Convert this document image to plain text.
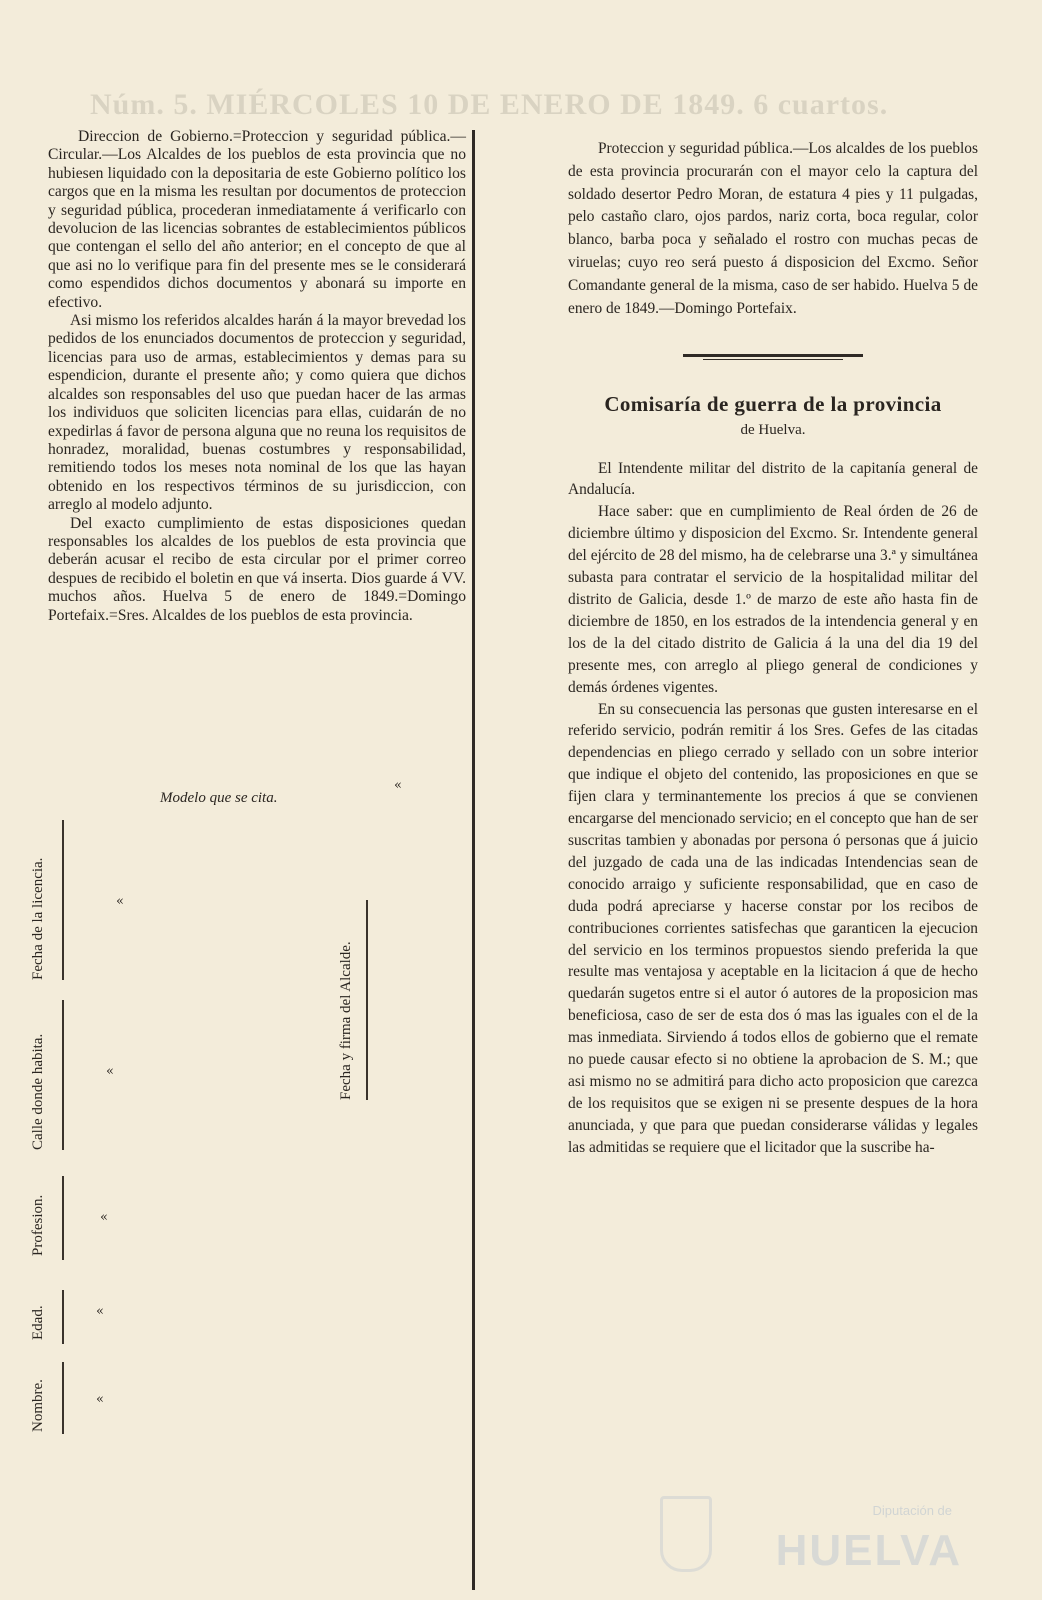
Núm. 5. MIÉRCOLES 10 DE ENERO DE 1849. 6 cuartos.

Direccion de Gobierno.=Proteccion y seguridad pública.—Circular.—Los Alcaldes de los pueblos de esta provincia que no hubiesen liquidado con la depositaria de este Gobierno político los cargos que en la misma les resultan por documentos de proteccion y seguridad pública, procederan inmediatamente á verificarlo con devolucion de las licencias sobrantes de establecimientos públicos que contengan el sello del año anterior; en el concepto de que al que asi no lo verifique para fin del presente mes se le considerará como espendidos dichos documentos y abonará su importe en efectivo.

Asi mismo los referidos alcaldes harán á la mayor brevedad los pedidos de los enunciados documentos de proteccion y seguridad, licencias para uso de armas, establecimientos y demas para su espendicion, durante el presente año; y como quiera que dichos alcaldes son responsables del uso que puedan hacer de las armas los individuos que soliciten licencias para ellas, cuidarán de no expedirlas á favor de persona alguna que no reuna los requisitos de honradez, moralidad, buenas costumbres y responsabilidad, remitiendo todos los meses nota nominal de los que las hayan obtenido en los respectivos términos de su jurisdiccion, con arreglo al modelo adjunto.

Del exacto cumplimiento de estas disposiciones quedan responsables los alcaldes de los pueblos de esta provincia que deberán acusar el recibo de esta circular por el primer correo despues de recibido el boletin en que vá inserta. Dios guarde á VV. muchos años. Huelva 5 de enero de 1849.=Domingo Portefaix.=Sres. Alcaldes de los pueblos de esta provincia.

Modelo que se cita.
Nombre.
Edad.
Profesion.
Calle donde habita.
Fecha de la licencia.
Fecha y firma del Alcalde.
«
«
«
«
«
«

Proteccion y seguridad pública.—Los alcaldes de los pueblos de esta provincia procurarán con el mayor celo la captura del soldado desertor Pedro Moran, de estatura 4 pies y 11 pulgadas, pelo castaño claro, ojos pardos, nariz corta, boca regular, color blanco, barba poca y señalado el rostro con muchas pecas de viruelas; cuyo reo será puesto á disposicion del Excmo. Señor Comandante general de la misma, caso de ser habido. Huelva 5 de enero de 1849.—Domingo Portefaix.

Comisaría de guerra de la provincia
de Huelva.

El Intendente militar del distrito de la capitanía general de Andalucía.

Hace saber: que en cumplimiento de Real órden de 26 de diciembre último y disposicion del Excmo. Sr. Intendente general del ejército de 28 del mismo, ha de celebrarse una 3.ª y simultánea subasta para contratar el servicio de la hospitalidad militar del distrito de Galicia, desde 1.º de marzo de este año hasta fin de diciembre de 1850, en los estrados de la intendencia general y en los de la del citado distrito de Galicia á la una del dia 19 del presente mes, con arreglo al pliego general de condiciones y demás órdenes vigentes.

En su consecuencia las personas que gusten interesarse en el referido servicio, podrán remitir á los Sres. Gefes de las citadas dependencias en pliego cerrado y sellado con un sobre interior que indique el objeto del contenido, las proposiciones en que se fijen clara y terminantemente los precios á que se convienen encargarse del mencionado servicio; en el concepto que han de ser suscritas tambien y abonadas por persona ó personas que á juicio del juzgado de cada una de las indicadas Intendencias sean de conocido arraigo y suficiente responsabilidad, que en caso de duda podrá apreciarse y hacerse constar por los recibos de contribuciones corrientes satisfechas que garanticen la ejecucion del servicio en los terminos propuestos siendo preferida la que resulte mas ventajosa y aceptable en la licitacion á que de hecho quedarán sugetos entre si el autor ó autores de la proposicion mas beneficiosa, caso de ser de esta dos ó mas las iguales con el de la mas inmediata. Sirviendo á todos ellos de gobierno que el remate no puede causar efecto si no obtiene la aprobacion de S. M.; que asi mismo no se admitirá para dicho acto proposicion que carezca de los requisitos que se exigen ni se presente despues de la hora anunciada, y que para que puedan considerarse válidas y legales las admitidas se requiere que el licitador que la suscribe ha-

Diputación de
HUELVA
